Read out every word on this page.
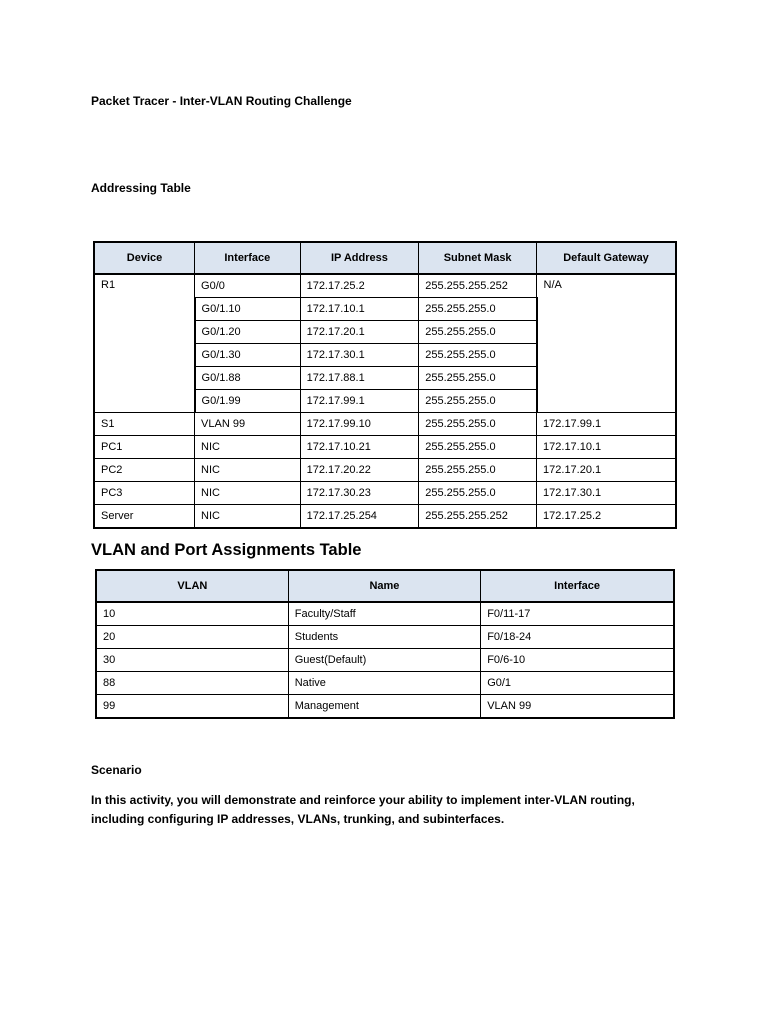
Packet Tracer - Inter-VLAN Routing Challenge
Addressing Table
Device	Interface	IP Address	Subnet Mask	Default Gateway
R1	G0/0	172.17.25.2	255.255.255.252	N/A
	G0/1.10	172.17.10.1	255.255.255.0	
	G0/1.20	172.17.20.1	255.255.255.0	
	G0/1.30	172.17.30.1	255.255.255.0	
	G0/1.88	172.17.88.1	255.255.255.0	
	G0/1.99	172.17.99.1	255.255.255.0	
S1	VLAN 99	172.17.99.10	255.255.255.0	172.17.99.1
PC1	NIC	172.17.10.21	255.255.255.0	172.17.10.1
PC2	NIC	172.17.20.22	255.255.255.0	172.17.20.1
PC3	NIC	172.17.30.23	255.255.255.0	172.17.30.1
Server	NIC	172.17.25.254	255.255.255.252	172.17.25.2
VLAN and Port Assignments Table
VLAN	Name	Interface
10	Faculty/Staff	F0/11-17
20	Students	F0/18-24
30	Guest(Default)	F0/6-10
88	Native	G0/1
99	Management	VLAN 99
Scenario
In this activity, you will demonstrate and reinforce your ability to implement inter-VLAN routing, including configuring IP addresses, VLANs, trunking, and subinterfaces.
